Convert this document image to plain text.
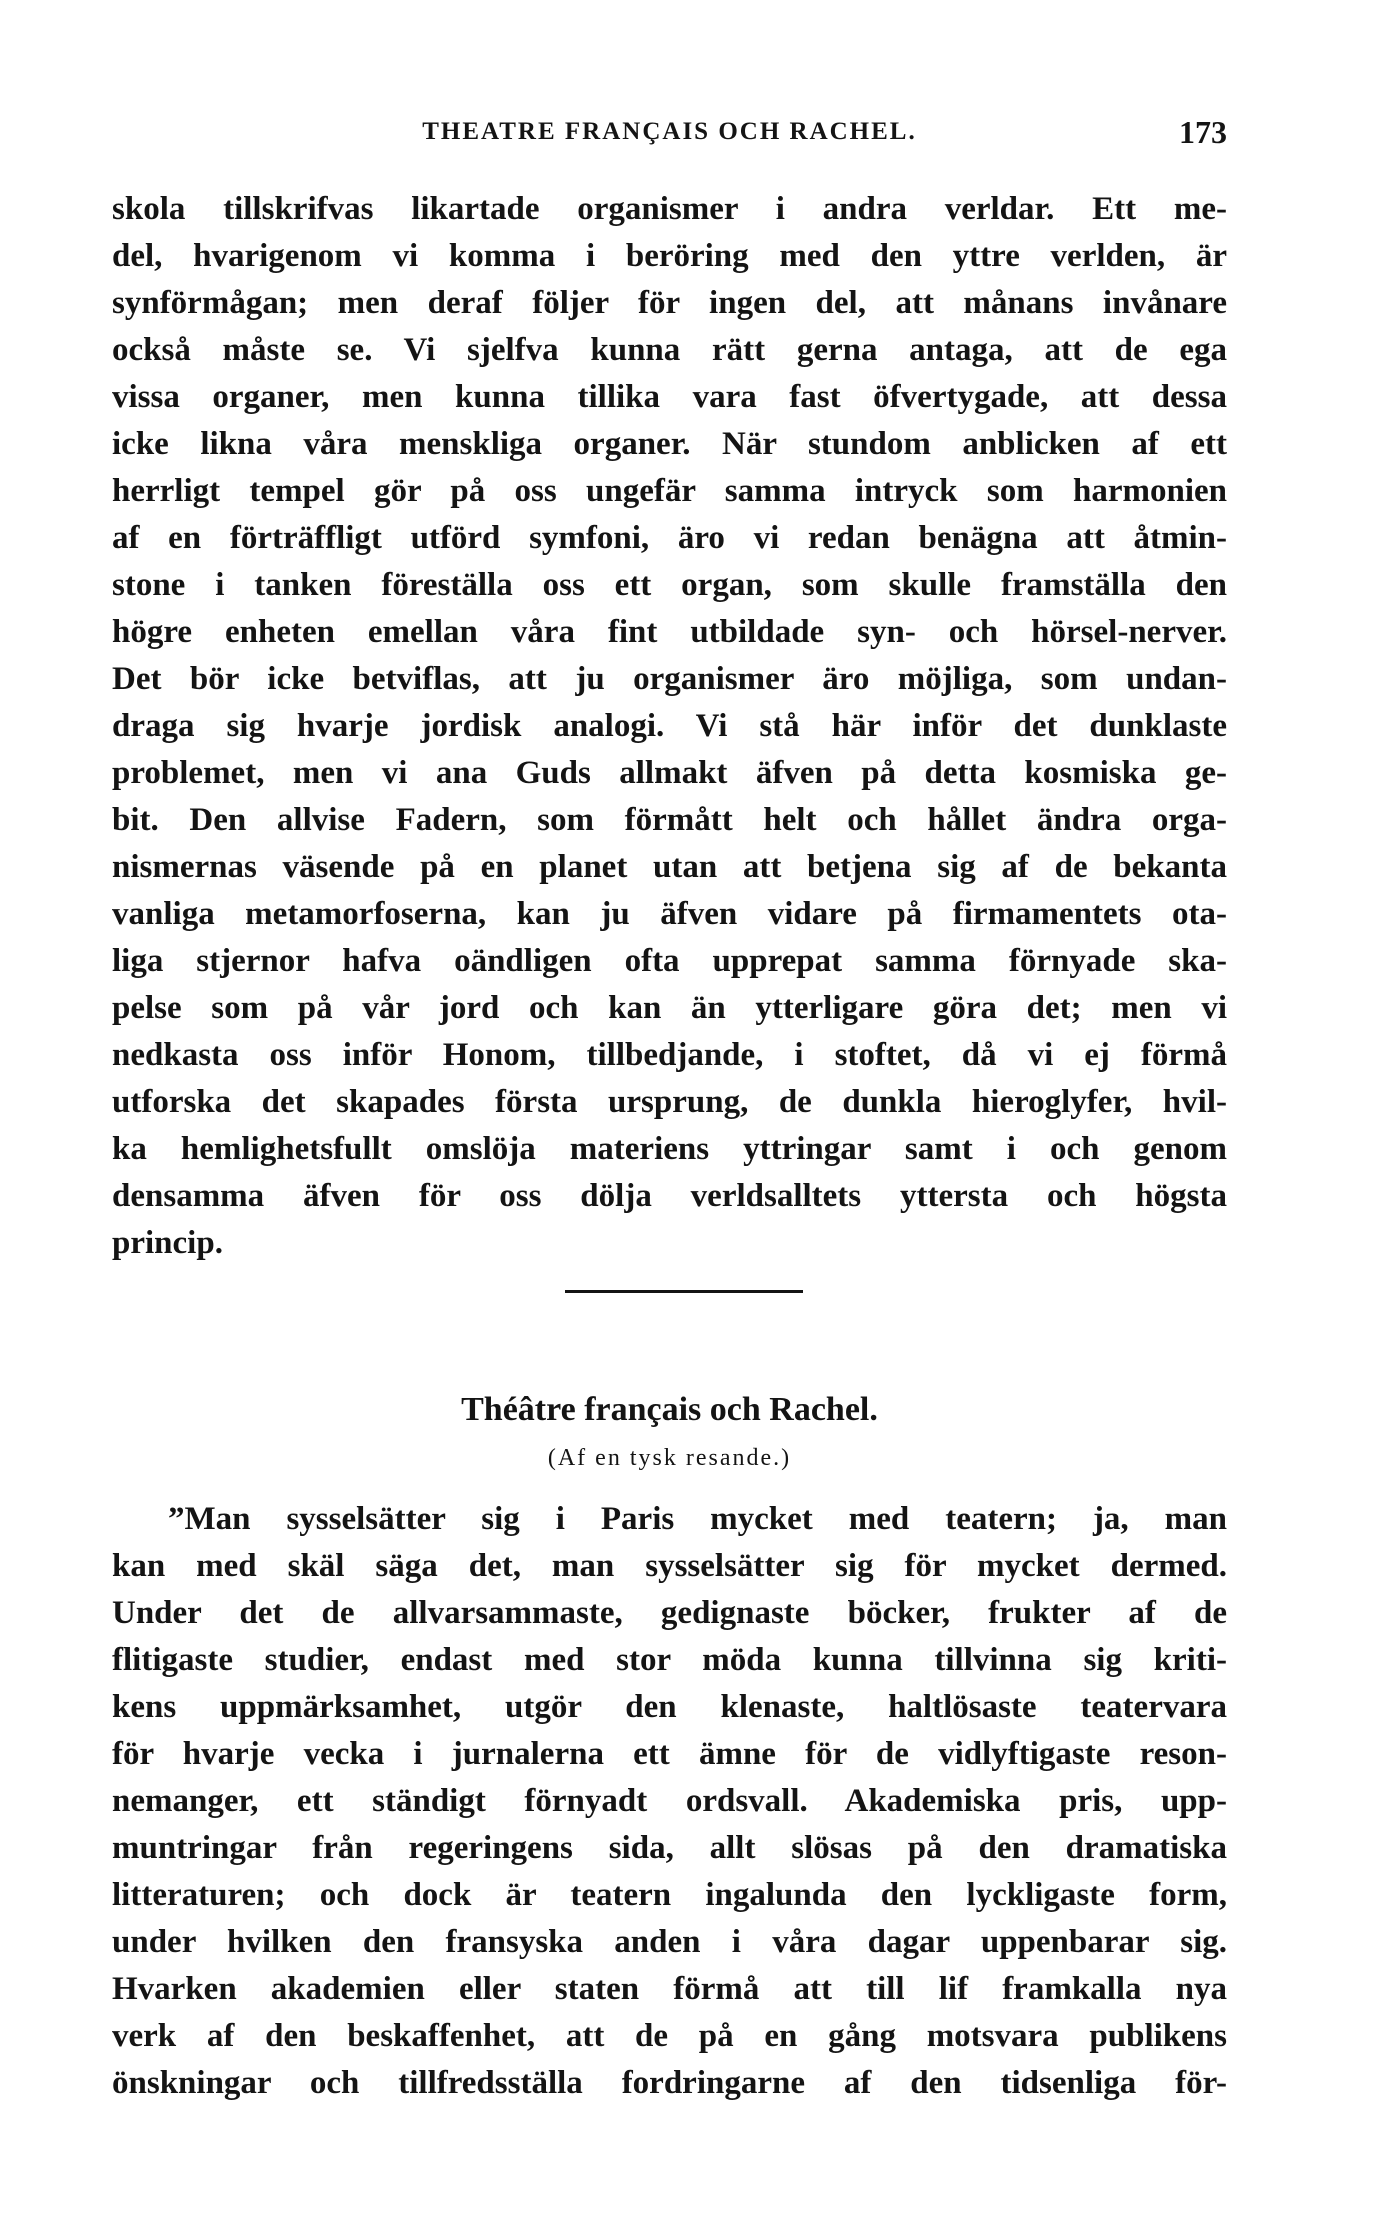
THEATRE FRANÇAIS OCH RACHEL.	173
skola tillskrifvas likartade organismer i andra verldar. Ett me-
del, hvarigenom vi komma i beröring med den yttre verlden, är
synförmågan; men deraf följer för ingen del, att månans invånare
också måste se. Vi sjelfva kunna rätt gerna antaga, att de ega
vissa organer, men kunna tillika vara fast öfvertygade, att dessa
icke likna våra menskliga organer. När stundom anblicken af ett
herrligt tempel gör på oss ungefär samma intryck som harmonien
af en förträffligt utförd symfoni, äro vi redan benägna att åtmin-
stone i tanken föreställa oss ett organ, som skulle framställa den
högre enheten emellan våra fint utbildade syn- och hörsel-nerver.
Det bör icke betviflas, att ju organismer äro möjliga, som undan-
draga sig hvarje jordisk analogi. Vi stå här inför det dunklaste
problemet, men vi ana Guds allmakt äfven på detta kosmiska ge-
bit. Den allvise Fadern, som förmått helt och hållet ändra orga-
nismernas väsende på en planet utan att betjena sig af de bekanta
vanliga metamorfoserna, kan ju äfven vidare på firmamentets ota-
liga stjernor hafva oändligen ofta upprepat samma förnyade ska-
pelse som på vår jord och kan än ytterligare göra det; men vi
nedkasta oss inför Honom, tillbedjande, i stoftet, då vi ej förmå
utforska det skapades första ursprung, de dunkla hieroglyfer, hvil-
ka hemlighetsfullt omslöja materiens yttringar samt i och genom
densamma äfven för oss dölja verldsalltets yttersta och högsta
princip.
Théâtre français och Rachel.
(Af en tysk resande.)
”Man sysselsätter sig i Paris mycket med teatern; ja, man
kan med skäl säga det, man sysselsätter sig för mycket dermed.
Under det de allvarsammaste, gedignaste böcker, frukter af de
flitigaste studier, endast med stor möda kunna tillvinna sig kriti-
kens uppmärksamhet, utgör den klenaste, haltlösaste teatervara
för hvarje vecka i jurnalerna ett ämne för de vidlyftigaste reson-
nemanger, ett ständigt förnyadt ordsvall. Akademiska pris, upp-
muntringar från regeringens sida, allt slösas på den dramatiska
litteraturen; och dock är teatern ingalunda den lyckligaste form,
under hvilken den fransyska anden i våra dagar uppenbarar sig.
Hvarken akademien eller staten förmå att till lif framkalla nya
verk af den beskaffenhet, att de på en gång motsvara publikens
önskningar och tillfredsställa fordringarne af den tidsenliga för-
